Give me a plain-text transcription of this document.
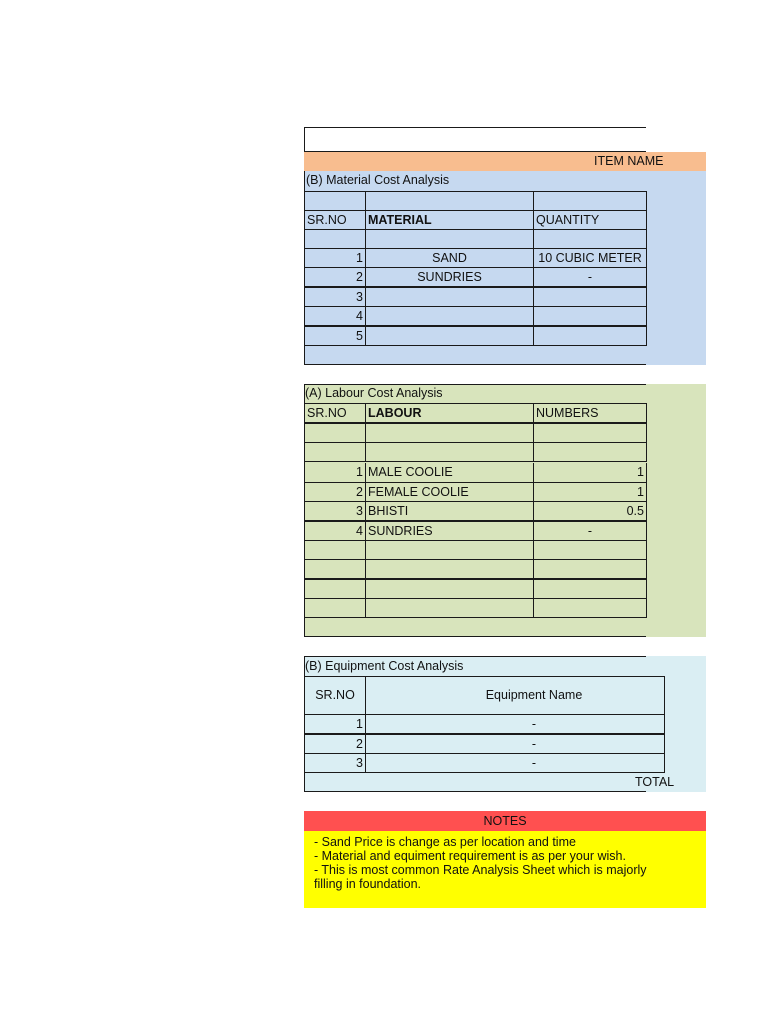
ITEM NAME
(B) Material Cost Analysis
SR.NO	MATERIAL	QUANTITY
1	SAND	10 CUBIC METER
2	SUNDRIES	-
3
4
5
(A) Labour Cost Analysis
SR.NO	LABOUR	NUMBERS
1 MALE COOLIE	1
2 FEMALE COOLIE	1
3 BHISTI	0.5
4 SUNDRIES	-
(B) Equipment Cost Analysis
SR.NO	Equipment Name
1	-
2	-
3	-
TOTAL
NOTES
- Sand Price is change as per location and time
- Material and equiment requirement is as per your wish.
- This is most common Rate Analysis Sheet which is majorly
filling in foundation.
